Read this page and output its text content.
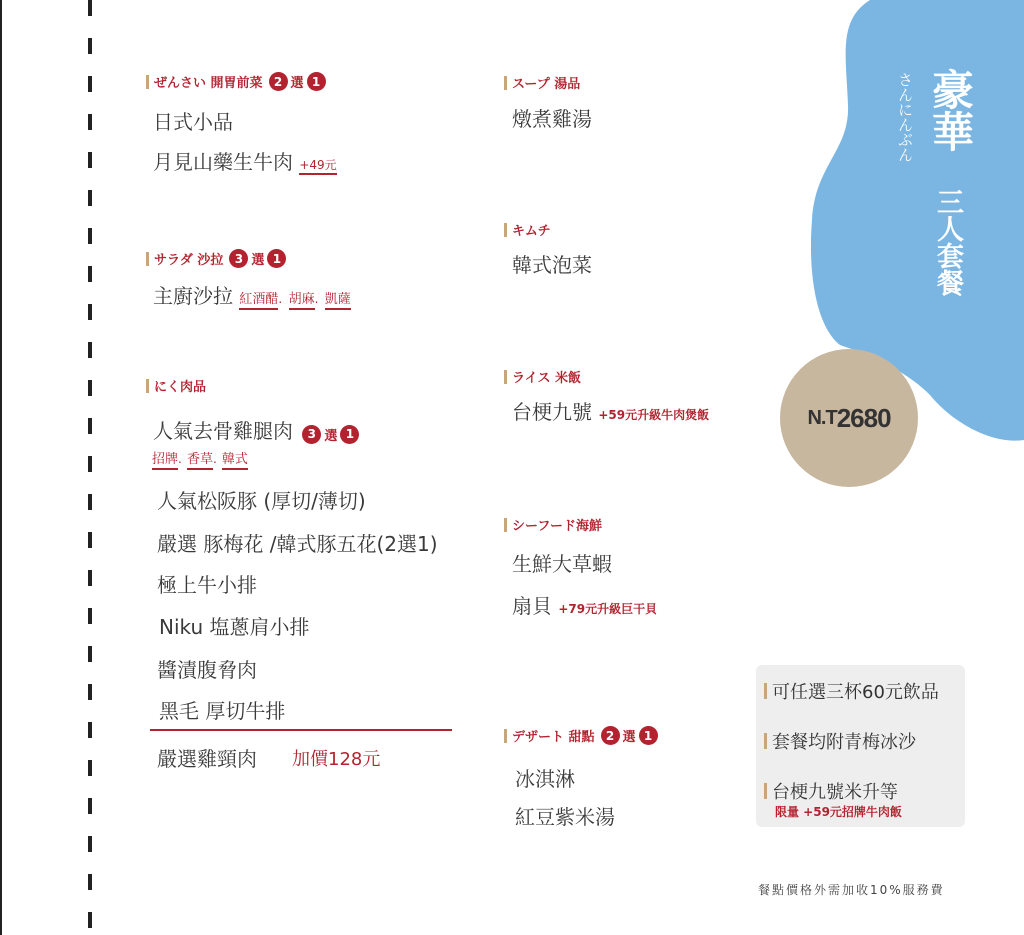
さんにんぶん 豪華
三人套餐
N.T 2680
ぜんさい 開胃前菜 2 選 1
日式小品
月見山藥生牛肉 +49元
サラダ 沙拉 3 選 1
主廚沙拉 紅酒醋. 胡麻. 凱薩
にく肉品
人氣去骨雞腿肉	3 選 1
招牌. 香草. 韓式
人氣松阪豚 (厚切/薄切)
嚴選 豚梅花 /韓式豚五花(2選1)
極上牛小排
Niku 塩蔥肩小排
醬漬腹脅肉
黑毛 厚切牛排
嚴選雞頸肉 加價128元
スープ 湯品
燉煮雞湯
キムチ
韓式泡菜
ライス 米飯
台梗九號 +59元升級牛肉煲飯
シーフード海鮮
生鮮大草蝦
扇貝 +79元升級巨干貝
デザート 甜點 2 選 1
冰淇淋
紅豆紫米湯
可任選三杯60元飲品
套餐均附青梅冰沙
台梗九號米升等
限量 +59元招牌牛肉飯
餐點價格外需加收10%服務費
